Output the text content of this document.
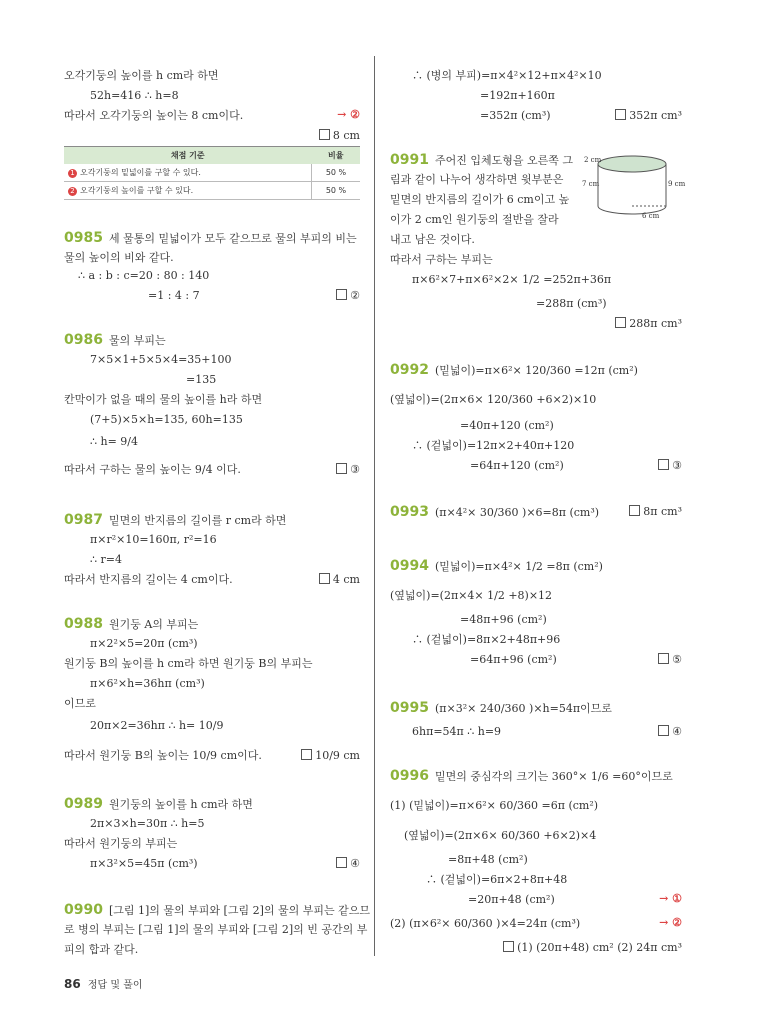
채점 기준	비율
1 오각기둥의 밑넓이를 구할 수 있다.	50 %
2 오각기둥의 높이를 구할 수 있다.	50 %
오각기둥의 높이를 h cm라 하면
52h=416 ∴ h=8
따라서 오각기둥의 높이는 8 cm이다.
0985 세 물통의 밑넓이가 모두 같으므로 물의 부피의 비는
물의 높이의 비와 같다.
∴ a : b : c=20 : 80 : 140
=1 : 4 : 7
0986 물의 부피는
7×5×1+5×5×4=35+100
=135
칸막이가 없을 때의 물의 높이를 h라 하면
(7+5)×5×h=135, 60h=135
∴ h= 9/4
따라서 구하는 물의 높이는 9/4 이다.
0987 밑면의 반지름의 길이를 r cm라 하면
π×r²×10=160π, r²=16
∴ r=4
따라서 반지름의 길이는 4 cm이다.
0988 원기둥 A의 부피는
π×2²×5=20π (cm³)
원기둥 B의 높이를 h cm라 하면 원기둥 B의 부피는
π×6²×h=36hπ (cm³)
이므로
20π×2=36hπ ∴ h= 10/9
따라서 원기둥 B의 높이는 10/9 cm이다.
0989 원기둥의 높이를 h cm라 하면
2π×3×h=30π ∴ h=5
따라서 원기둥의 부피는
π×3²×5=45π (cm³)
0990 [그림 1]의 물의 부피와 [그림 2]의 물의 부피는 같으므
로 병의 부피는 [그림 1]의 물의 부피와 [그림 2]의 빈 공간의 부
피의 합과 같다.
8 cm
②
③
4 cm
10/9 cm
④
→ ②
2 cm
7 cm	9 cm
6 cm
∴ (병의 부피)=π×4²×12+π×4²×10
=192π+160π
=352π (cm³)
0991 주어진 입체도형을 오른쪽 그
림과 같이 나누어 생각하면 윗부분은
밑면의 반지름의 길이가 6 cm이고 높
이가 2 cm인 원기둥의 절반을 잘라
내고 남은 것이다.
따라서 구하는 부피는
π×6²×7+π×6²×2× 1/2 =252π+36π
=288π (cm³)
0992 (밑넓이)=π×6²× 120/360 =12π (cm²)
(옆넓이)=(2π×6× 120/360 +6×2)×10
=40π+120 (cm²)
∴ (겉넓이)=12π×2+40π+120
=64π+120 (cm²)
0993 (π×4²× 30/360 )×6=8π (cm³)
0994 (밑넓이)=π×4²× 1/2 =8π (cm²)
(옆넓이)=(2π×4× 1/2 +8)×12
=48π+96 (cm²)
∴ (겉넓이)=8π×2+48π+96
=64π+96 (cm²)
0995 (π×3²× 240/360 )×h=54π이므로
6hπ=54π ∴ h=9
0996 밑면의 중심각의 크기는 360°× 1/6 =60°이므로
(1) (밑넓이)=π×6²× 60/360 =6π (cm²)
(옆넓이)=(2π×6× 60/360 +6×2)×4
=8π+48 (cm²)
∴ (겉넓이)=6π×2+8π+48
=20π+48 (cm²)
(2) (π×6²× 60/360 )×4=24π (cm³)
352π cm³
288π cm³
③
8π cm³
⑤
④
(1) (20π+48) cm² (2) 24π cm³
→ ①
→ ②
86 정답 및 풀이
